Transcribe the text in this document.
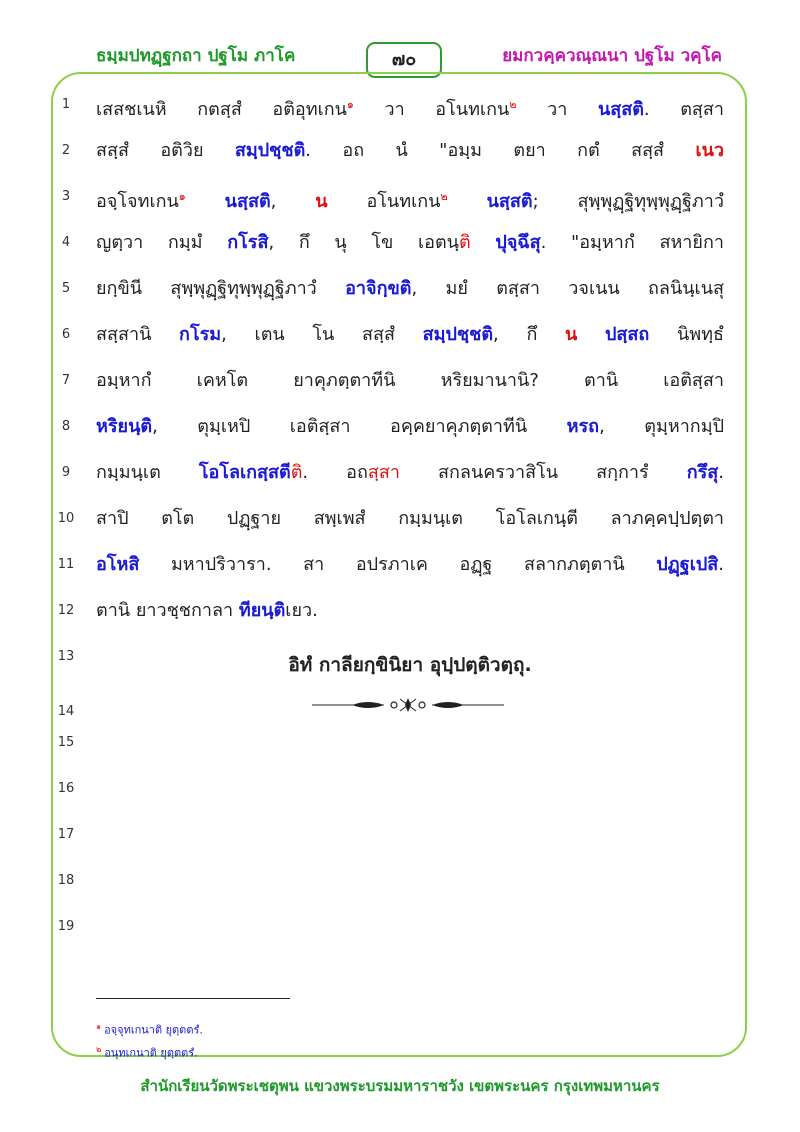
ธมฺมปทฏฺฐกถา ปฐโม ภาโค	๗๐	ยมกวคฺควณฺณนา ปฐโม วคฺโค
1
2
3
4
5
6
7
8
9
10
11
12
13
14
15
16
17
18
19
เสสชเนหิ กตสฺสํ อติอุทเกน$^๑$ วา อโนทเกน$^๒$ วา นสฺสติ. ตสฺสา
สสฺสํ อติวิย สมฺปชฺชติ. อถ นํ "อมฺม ตยา กตํ สสฺสํ เนว
อจฺโจทเกน$^๑$ นสฺสติ, น อโนทเกน$^๒$ นสฺสติ; สุพฺพุฏฺฐิทุพฺพุฏฺฐิภาวํ
ญตฺวา กมฺมํ กโรสิ, กึ นุ โข เอตนฺติ ปุจฺฉึสุ. "อมฺหากํ สหายิกา
ยกฺขินี สุพฺพุฏฺฐิทุพฺพุฏฺฐิภาวํ อาจิกฺขติ, มยํ ตสฺสา วจเนน ถลนินฺเนสุ
สสฺสานิ กโรม, เตน โน สสฺสํ สมฺปชฺชติ, กึ น ปสฺสถ นิพทฺธํ
อมฺหากํ เคหโต ยาคุภตฺตาทีนิ หริยมานานิ? ตานิ เอติสฺสา
หริยนฺติ, ตุมฺเหปิ เอติสฺสา อคฺคยาคุภตฺตาทีนิ หรถ, ตุมฺหากมฺปิ
กมฺมนฺเต โอโลเกสฺสตีติ. อถสฺสา สกลนครวาสิโน สกฺการํ กรึสุ.
สาปิ ตโต ปฏฺฐาย สพฺเพสํ กมฺมนฺเต โอโลเกนฺตี ลาภคฺคปฺปตฺตา
อโหสิ มหาปริวารา. สา อปรภาเค อฏฺฐ สลากภตฺตานิ ปฏฺฐเปสิ.
ตานิ ยาวชฺชกาลา ทียนฺติเยว.
อิทํ กาลียกฺขินิยา อุปฺปตฺติวตฺถุ.
$^๑$ อจฺจุทเกนาติ ยุตฺตตรํ.
$^๒$ อนุทเกนาติ ยุตฺตตรํ.
สำนักเรียนวัดพระเชตุพน แขวงพระบรมมหาราชวัง เขตพระนคร กรุงเทพมหานคร
